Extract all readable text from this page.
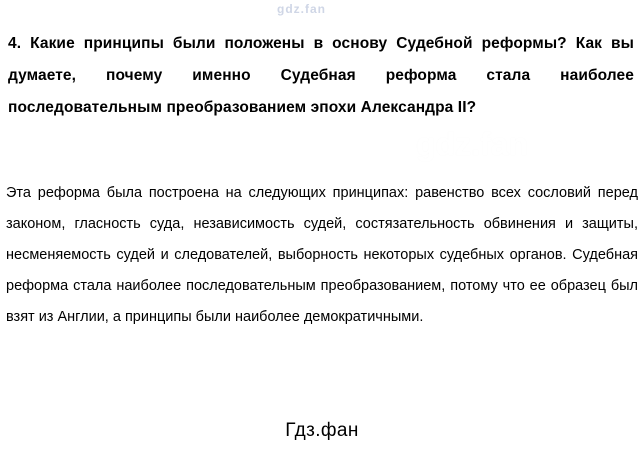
gdz.fan
4. Какие принципы были положены в основу Судебной реформы? Как вы думаете, почему именно Судебная реформа стала наиболее последовательным преобразованием эпохи Александра II?
Эта реформа была построена на следующих принципах: равенство всех сословий перед законом, гласность суда, независимость судей, состязательность обвинения и защиты, несменяемость судей и следователей, выборность некоторых судебных органов. Судебная реформа стала наиболее последовательным преобразованием, потому что ее образец был взят из Англии, а принципы были наиболее демократичными.
gdz.fan
gdz.fan
gdz.fan
gdz.fan	gdz.fan
Гдз.фан
